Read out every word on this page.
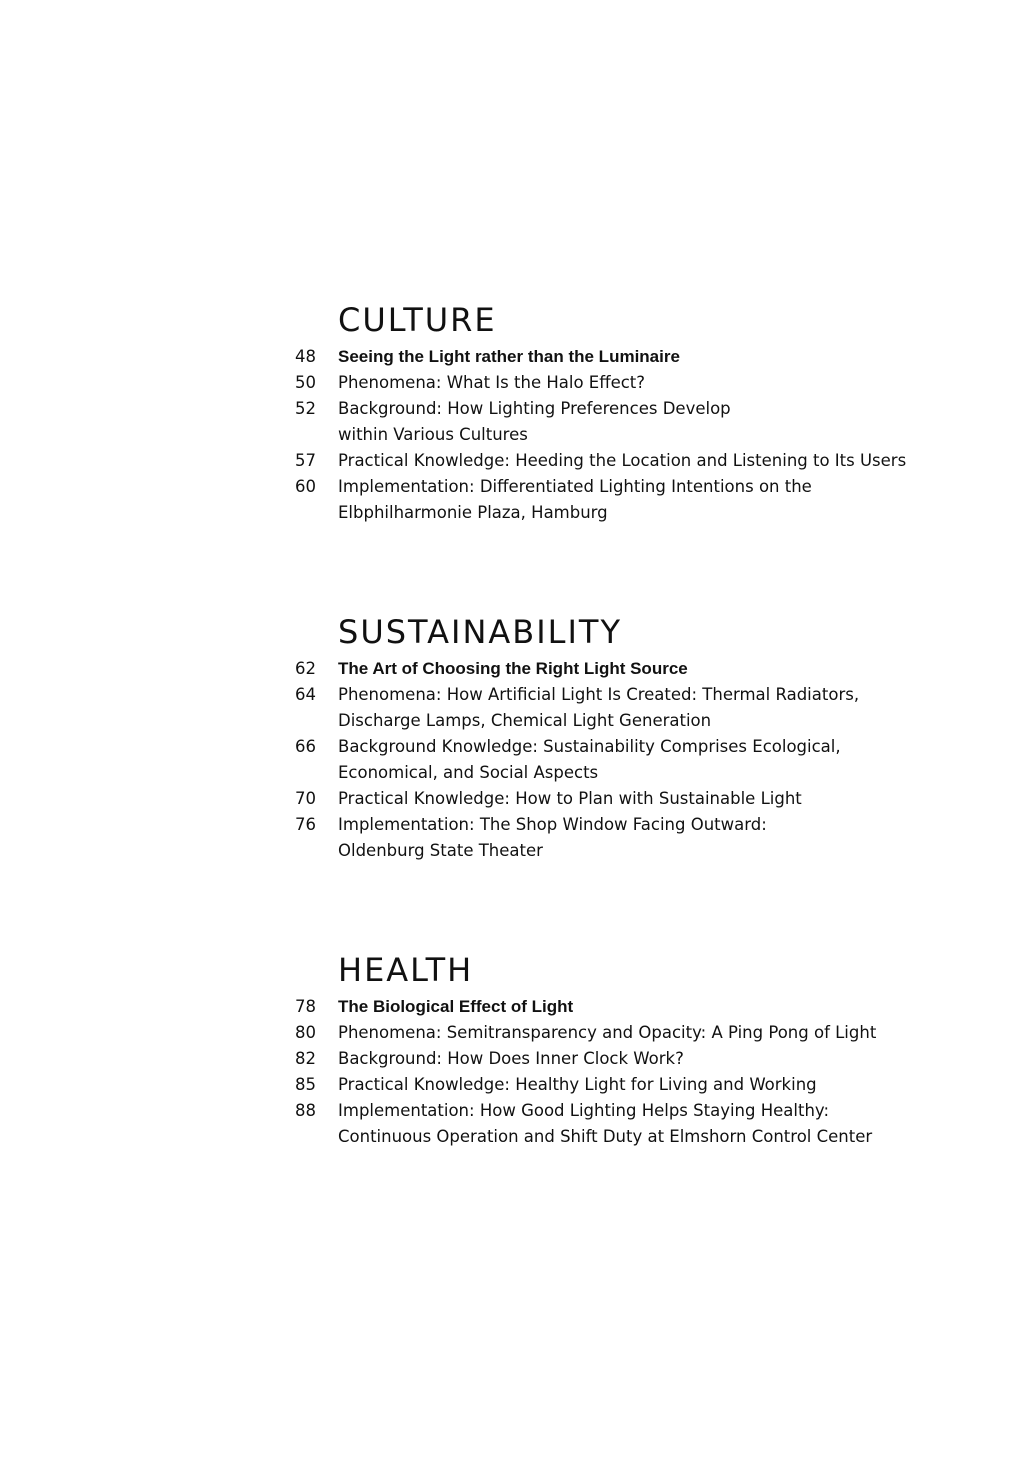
CULTURE
48 Seeing the Light rather than the Luminaire
50 Phenomena: What Is the Halo Effect?
52 Background: How Lighting Preferences Develop
within Various Cultures
57 Practical Knowledge: Heeding the Location and Listening to Its Users
60 Implementation: Differentiated Lighting Intentions on the
Elbphilharmonie Plaza, Hamburg
SUSTAINABILITY
62 The Art of Choosing the Right Light Source
64 Phenomena: How Artificial Light Is Created: Thermal Radiators,
Discharge Lamps, Chemical Light Generation
66 Background Knowledge: Sustainability Comprises Ecological,
Economical, and Social Aspects
70 Practical Knowledge: How to Plan with Sustainable Light
76 Implementation: The Shop Window Facing Outward:
Oldenburg State Theater
HEALTH
78 The Biological Effect of Light
80 Phenomena: Semitransparency and Opacity: A Ping Pong of Light
82 Background: How Does Inner Clock Work?
85 Practical Knowledge: Healthy Light for Living and Working
88 Implementation: How Good Lighting Helps Staying Healthy:
Continuous Operation and Shift Duty at Elmshorn Control Center
